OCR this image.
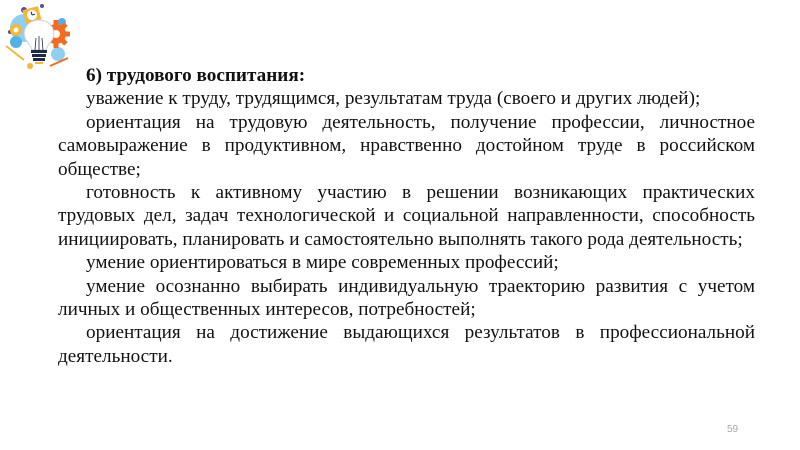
6) трудового воспитания:

уважение к труду, трудящимся, результатам труда (своего и других людей);

ориентация на трудовую деятельность, получение профессии, личностное самовыражение в продуктивном, нравственно достойном труде в российском обществе;

готовность к активному участию в решении возникающих практических трудовых дел, задач технологической и социальной направленности, способность инициировать, планировать и самостоятельно выполнять такого рода деятельность;

умение ориентироваться в мире современных профессий;

умение осознанно выбирать индивидуальную траекторию развития с учетом личных и общественных интересов, потребностей;

ориентация на достижение выдающихся результатов в профессиональной деятельности.

59
